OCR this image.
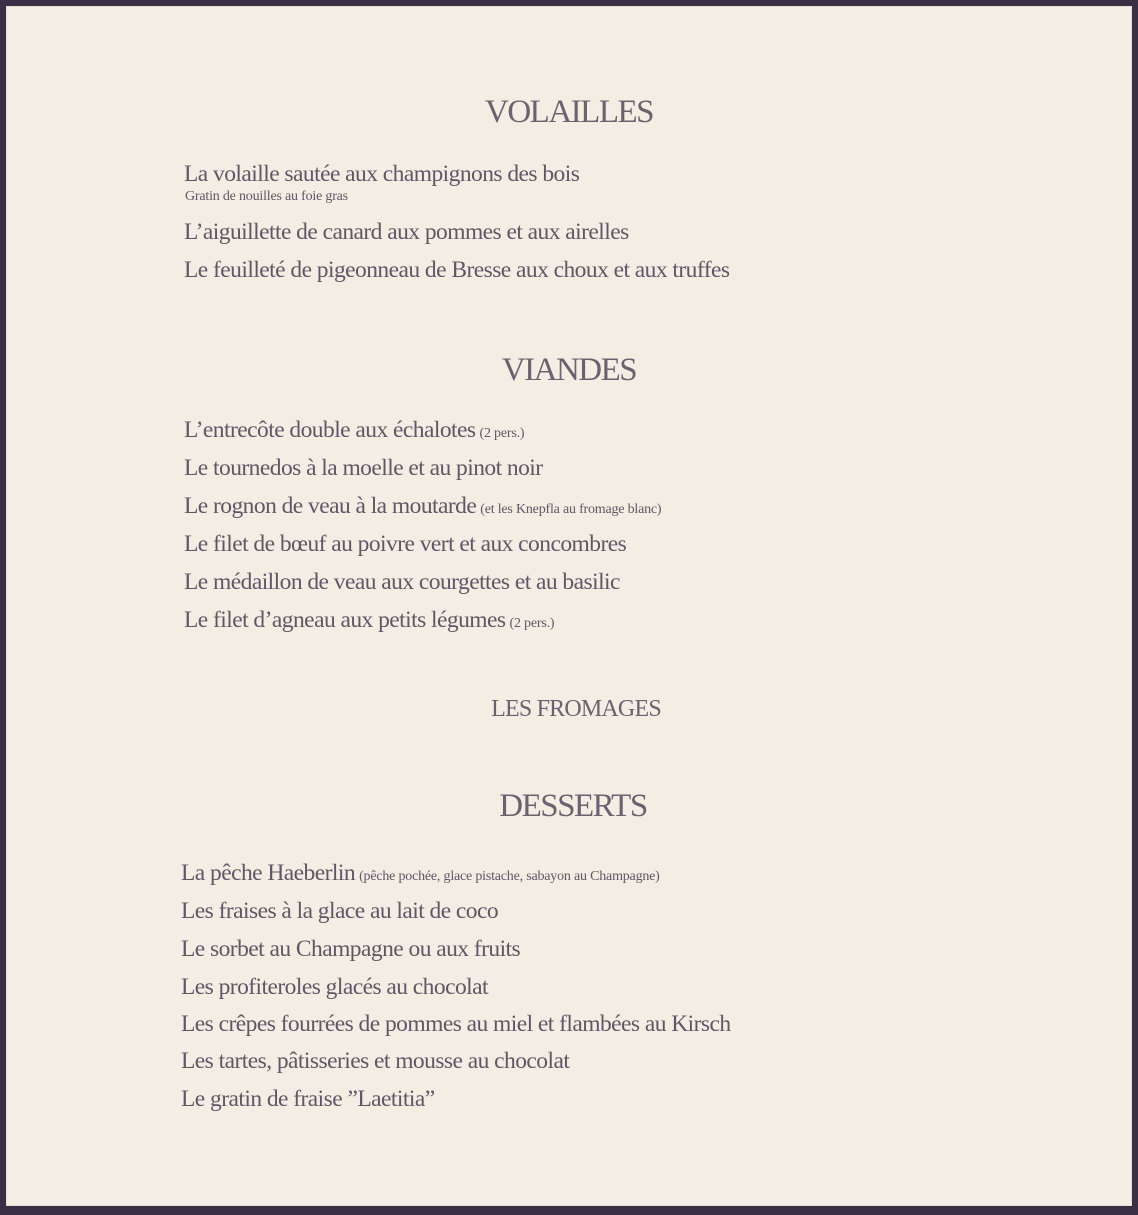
VOLAILLES
La volaille sautée aux champignons des bois
Gratin de nouilles au foie gras
L’aiguillette de canard aux pommes et aux airelles
Le feuilleté de pigeonneau de Bresse aux choux et aux truffes
VIANDES
L’entrecôte double aux échalotes (2 pers.)
Le tournedos à la moelle et au pinot noir
Le rognon de veau à la moutarde (et les Knepfla au fromage blanc)
Le filet de bœuf au poivre vert et aux concombres
Le médaillon de veau aux courgettes et au basilic
Le filet d’agneau aux petits légumes (2 pers.)
LES FROMAGES
DESSERTS
La pêche Haeberlin (pêche pochée, glace pistache, sabayon au Champagne)
Les fraises à la glace au lait de coco
Le sorbet au Champagne ou aux fruits
Les profiteroles glacés au chocolat
Les crêpes fourrées de pommes au miel et flambées au Kirsch
Les tartes, pâtisseries et mousse au chocolat
Le gratin de fraise ”Laetitia”
